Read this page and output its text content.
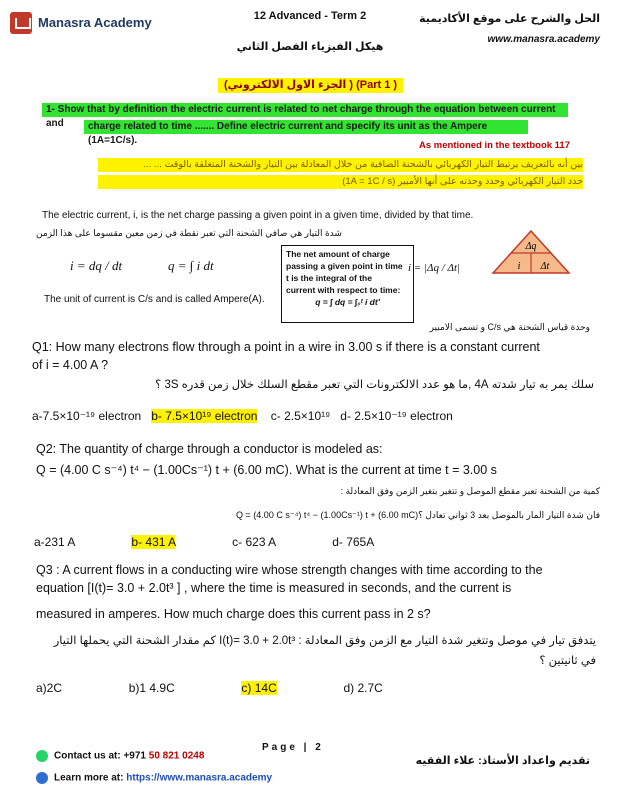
Manasra Academy	12 Advanced - Term 2
هيكل الفيزياء الفصل الثاني
الحل والشرح على موقع الأكاديمية
www.manasra.academy
(الجزء الاول الالكتروني ) (Part 1 )
1- Show that by definition the electric current is related to net charge through the equation between current and	charge related to time ....... Define electric current and specify its unit as the Ampere (1A=1C/s).	As mentioned in the textbook 117
بين أنه بالتعريف يرتبط التيار الكهربائي بالشحنة الصافية من خلال المعادلة بين التيار والشحنة المتعلقة بالوقت ... ...
حدد التيار الكهربائي وحدد وحدته على أنها الأمبير (1A = 1C / s)
The electric current, i, is the net charge passing a given point in a given time, divided by that time.
شدة التيار هي صافي الشحنة التي تعبر نقطة في زمن معين مقسوما على هذا الزمن
i = dq / dt	q = ∫ i dt
The net amount of charge
passing a given point in time
t is the integral of the
current with respect to time:
q = ∫ dq = ∫₀ᵗ i dt′
i = |Δq / Δt|
Δq
i Δt
The unit of current is C/s and is called Ampere(A).
وحدة قياس الشحنة هي C/s و تسمى الامبير
Q1: How many electrons flow through a point in a wire in 3.00 s if there is a constant current
of i = 4.00 A ?
سلك يمر به تيار شدته 4A ,ما هو عدد الالكترونات التي تعبر مقطع السلك خلال زمن قدره 3S ؟
a-7.5×10⁻¹⁹ electron b- 7.5×10¹⁹ electron c- 2.5×10¹⁹ d- 2.5×10⁻¹⁹ electron
Q2: The quantity of charge through a conductor is modeled as:
Q = (4.00 C s⁻⁴) t⁴ − (1.00Cs⁻¹) t + (6.00 mC). What is the current at time t = 3.00 s
كمية من الشحنة تعبر مقطع الموصل و تتغير بتغير الزمن وفق المعادلة :
فان شدة التيار المار بالموصل بعد 3 ثواني تعادل ؟Q = (4.00 C s⁻⁴) t⁴ − (1.00Cs⁻¹) t + (6.00 mC)
a-231 A	b- 431 A	c- 623 A	d- 765A
Q3 : A current flows in a conducting wire whose strength changes with time according to the
equation [I(t)= 3.0 + 2.0t³ ] , where the time is measured in seconds, and the current is
measured in amperes. How much charge does this current pass in 2 s?
يتدفق تيار في موصل وتتغير شدة التيار مع الزمن وفق المعادلة : I(t)= 3.0 + 2.0t³ كم مقدار الشحنة التي يحملها التيار
في ثانيتين ؟
a)2C	b)1 4.9C	c) 14C	d) 2.7C
Contact us at: +971 50 821 0248
Learn more at: https://www.manasra.academy
Page | 2
تقديم واعداد الأستاذ: علاء الفقيه
